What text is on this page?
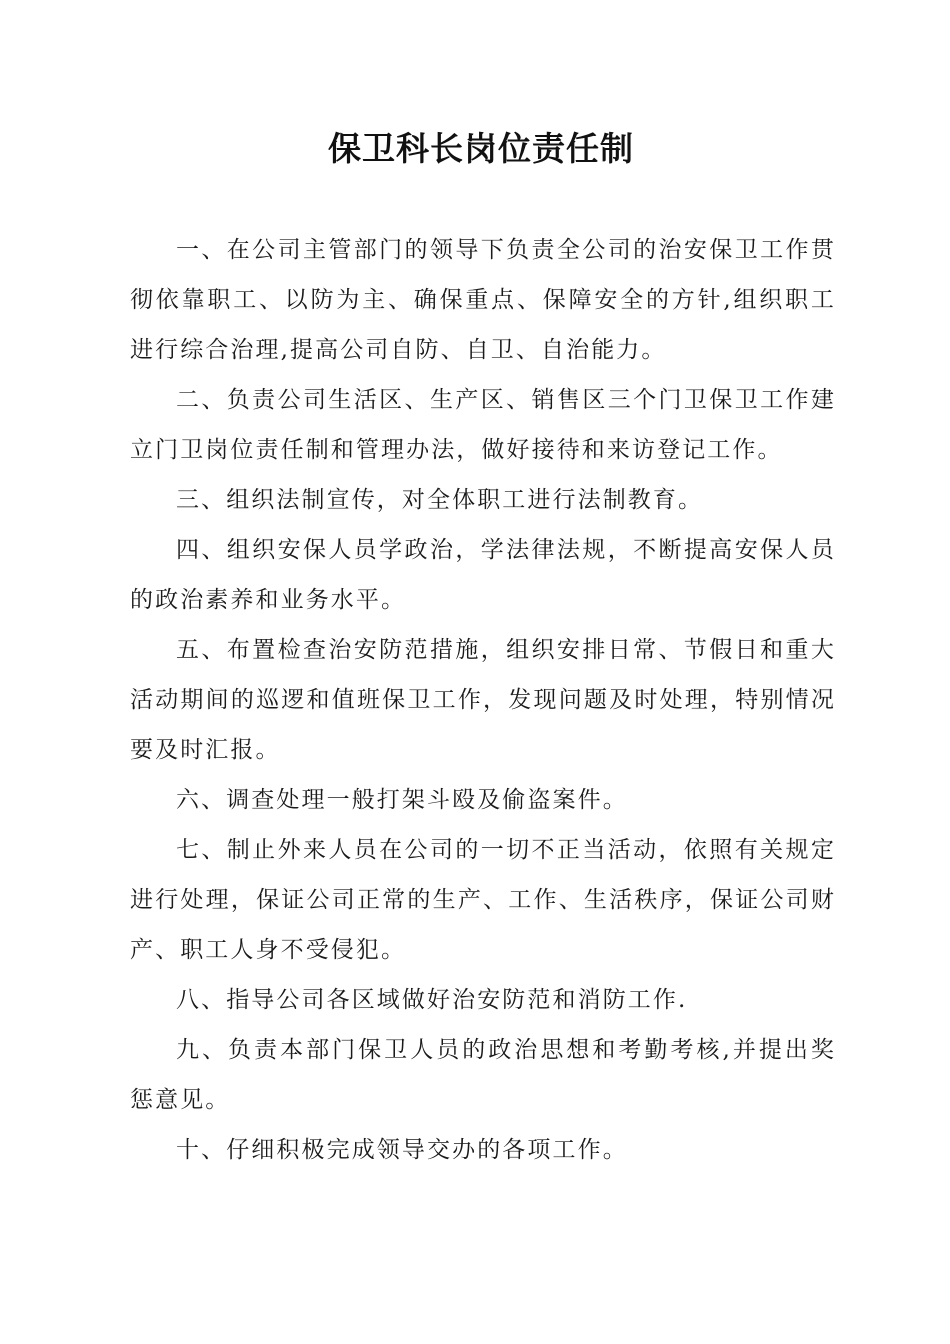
保卫科长岗位责任制

一、在公司主管部门的领导下负责全公司的治安保卫工作贯彻依靠职工、以防为主、确保重点、保障安全的方针,组织职工进行综合治理,提高公司自防、自卫、自治能力。

二、负责公司生活区、生产区、销售区三个门卫保卫工作建立门卫岗位责任制和管理办法，做好接待和来访登记工作。

三、组织法制宣传，对全体职工进行法制教育。

四、组织安保人员学政治，学法律法规，不断提高安保人员的政治素养和业务水平。

五、布置检查治安防范措施，组织安排日常、节假日和重大活动期间的巡逻和值班保卫工作，发现问题及时处理，特别情况要及时汇报。

六、调查处理一般打架斗殴及偷盗案件。

七、制止外来人员在公司的一切不正当活动，依照有关规定进行处理，保证公司正常的生产、工作、生活秩序，保证公司财产、职工人身不受侵犯。

八、指导公司各区域做好治安防范和消防工作.

九、负责本部门保卫人员的政治思想和考勤考核,并提出奖惩意见。

十、仔细积极完成领导交办的各项工作。
